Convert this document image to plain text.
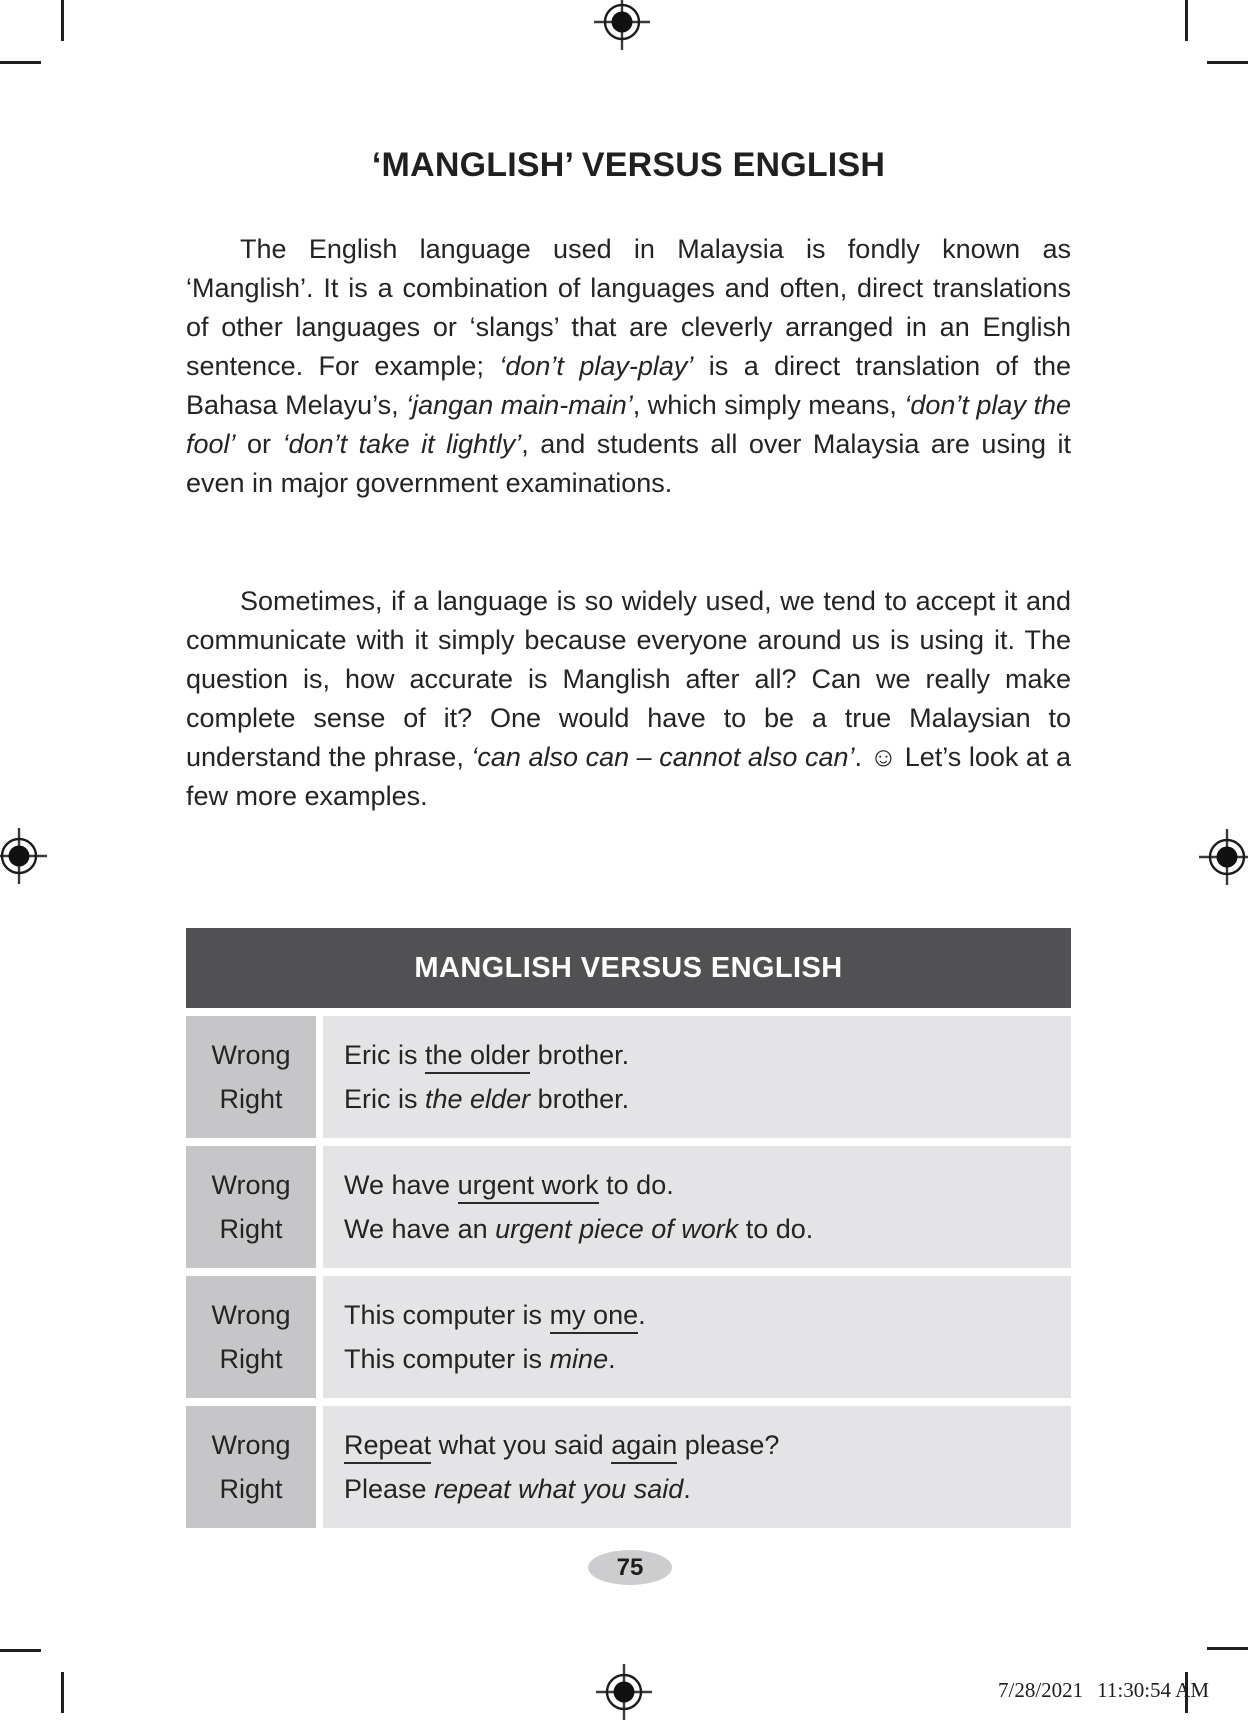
‘MANGLISH’ VERSUS ENGLISH

The English language used in Malaysia is fondly known as ‘Manglish’. It is a combination of languages and often, direct translations of other languages or ‘slangs’ that are cleverly arranged in an English sentence. For example; ‘don’t play-play’ is a direct translation of the Bahasa Melayu’s, ‘jangan main-main’, which simply means, ‘don’t play the fool’ or ‘don’t take it lightly’, and students all over Malaysia are using it even in major government examinations.

Sometimes, if a language is so widely used, we tend to accept it and communicate with it simply because everyone around us is using it. The question is, how accurate is Manglish after all? Can we really make complete sense of it? One would have to be a true Malaysian to understand the phrase, ‘can also can – cannot also can’. ☺ Let’s look at a few more examples.

MANGLISH VERSUS ENGLISH
Wrong
Right
Eric is the older brother.
Eric is the elder brother.
Wrong
Right
We have urgent work to do.
We have an urgent piece of work to do.
Wrong
Right
This computer is my one.
This computer is mine.
Wrong
Right
Repeat what you said again please?
Please repeat what you said.
75
7/28/2021 11:30:54 AM
